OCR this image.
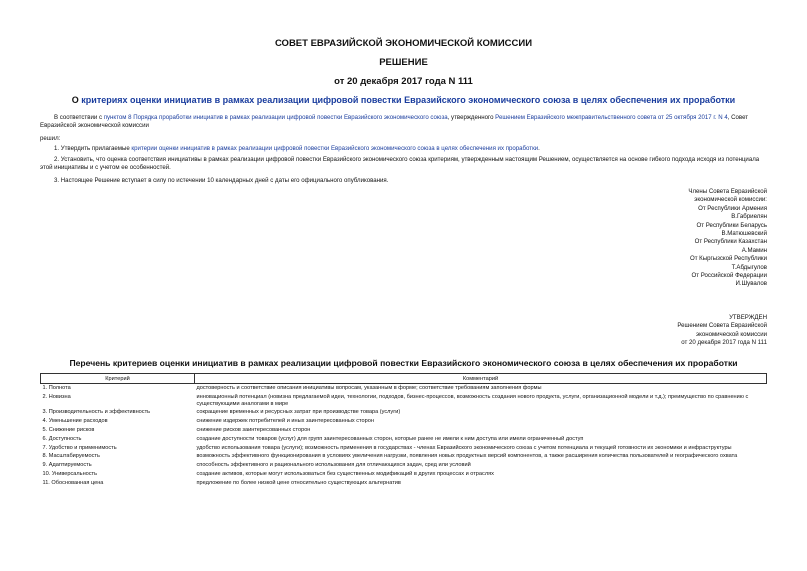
СОВЕТ ЕВРАЗИЙСКОЙ ЭКОНОМИЧЕСКОЙ КОМИССИИ
РЕШЕНИЕ
от 20 декабря 2017 года N 111
О критериях оценки инициатив в рамках реализации цифровой повестки Евразийского экономического союза в целях обеспечения их проработки
В соответствии с пунктом 8 Порядка проработки инициатив в рамках реализации цифровой повестки Евразийского экономического союза, утвержденного Решением Евразийского межправительственного совета от 25 октября 2017 г. N 4, Совет Евразийской экономической комиссии
решил:
1. Утвердить прилагаемые критерии оценки инициатив в рамках реализации цифровой повестки Евразийского экономического союза в целях обеспечения их проработки.
2. Установить, что оценка соответствия инициативы в рамках реализации цифровой повестки Евразийского экономического союза критериям, утвержденным настоящим Решением, осуществляется на основе гибкого подхода исходя из потенциала этой инициативы и с учетом ее особенностей.
3. Настоящее Решение вступает в силу по истечении 10 календарных дней с даты его официального опубликования.
Члены Совета Евразийской
экономической комиссии:
От Республики Армения
В.Габриелян
От Республики Беларусь
В.Матюшевский
От Республики Казахстан
А.Мамин
От Кыргызской Республики
Т.Абдыгулов
От Российской Федерации
И.Шувалов
УТВЕРЖДЕН
Решением Совета Евразийской
экономической комиссии
от 20 декабря 2017 года N 111
Перечень критериев оценки инициатив в рамках реализации цифровой повестки Евразийского экономического союза в целях обеспечения их проработки
Критерий	Комментарий
1. Полнота	достоверность и соответствие описания инициативы вопросам, указанным в форме; соответствие требованиям заполнения формы
2. Новизна	инновационный потенциал (новизна предлагаемой идеи, технологии, подходов, бизнес-процессов, возможность создания нового продукта, услуги, организационной модели и т.д.); преимущество по сравнению с существующими аналогами в мире
3. Производительность и эффективность	сокращение временных и ресурсных затрат при производстве товара (услуги)
4. Уменьшение расходов	снижение издержек потребителей и иных заинтересованных сторон
5. Снижение рисков	снижение рисков заинтересованных сторон
6. Доступность	создание доступности товаров (услуг) для групп заинтересованных сторон, которые ранее не имели к ним доступа или имели ограниченный доступ
7. Удобство и применимость	удобство использования товара (услуги); возможность применения в государствах - членах Евразийского экономического союза с учетом потенциала и текущей готовности их экономики и инфраструктуры
8. Масштабируемость	возможность эффективного функционирования в условиях увеличения нагрузки, появления новых продуктных версий компонентов, а также расширения количества пользователей и географического охвата
9. Адаптируемость	способность эффективного и рационального использования для отличающихся задач, сред или условий
10. Универсальность	создание активов, которые могут использоваться без существенных модификаций в других процессах и отраслях
11. Обоснованная цена	предложение по более низкой цене относительно существующих альтернатив
